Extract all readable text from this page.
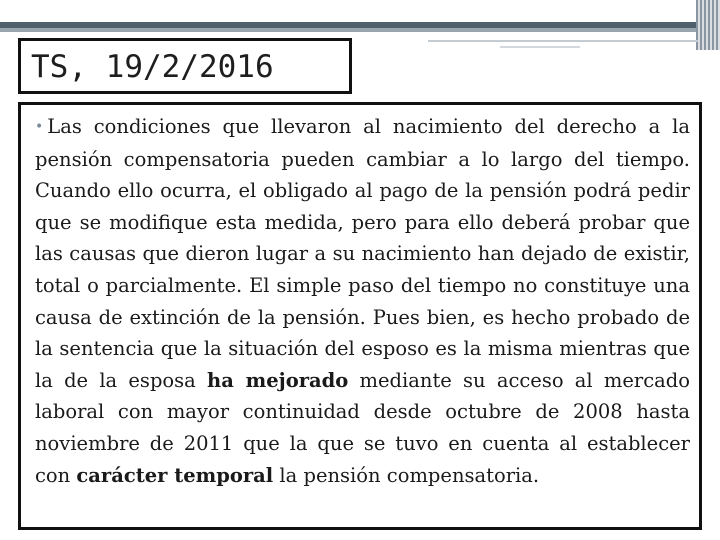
TS, 19/2/2016

• Las condiciones que llevaron al nacimiento del derecho a la pensión compensatoria pueden cambiar a lo largo del tiempo. Cuando ello ocurra, el obligado al pago de la pensión podrá pedir que se modifique esta medida, pero para ello deberá probar que las causas que dieron lugar a su nacimiento han dejado de existir, total o parcialmente. El simple paso del tiempo no constituye una causa de extinción de la pensión. Pues bien, es hecho probado de la sentencia que la situación del esposo es la misma mientras que la de la esposa ha mejorado mediante su acceso al mercado laboral con mayor continuidad desde octubre de 2008 hasta noviembre de 2011 que la que se tuvo en cuenta al establecer con carácter temporal la pensión compensatoria.
